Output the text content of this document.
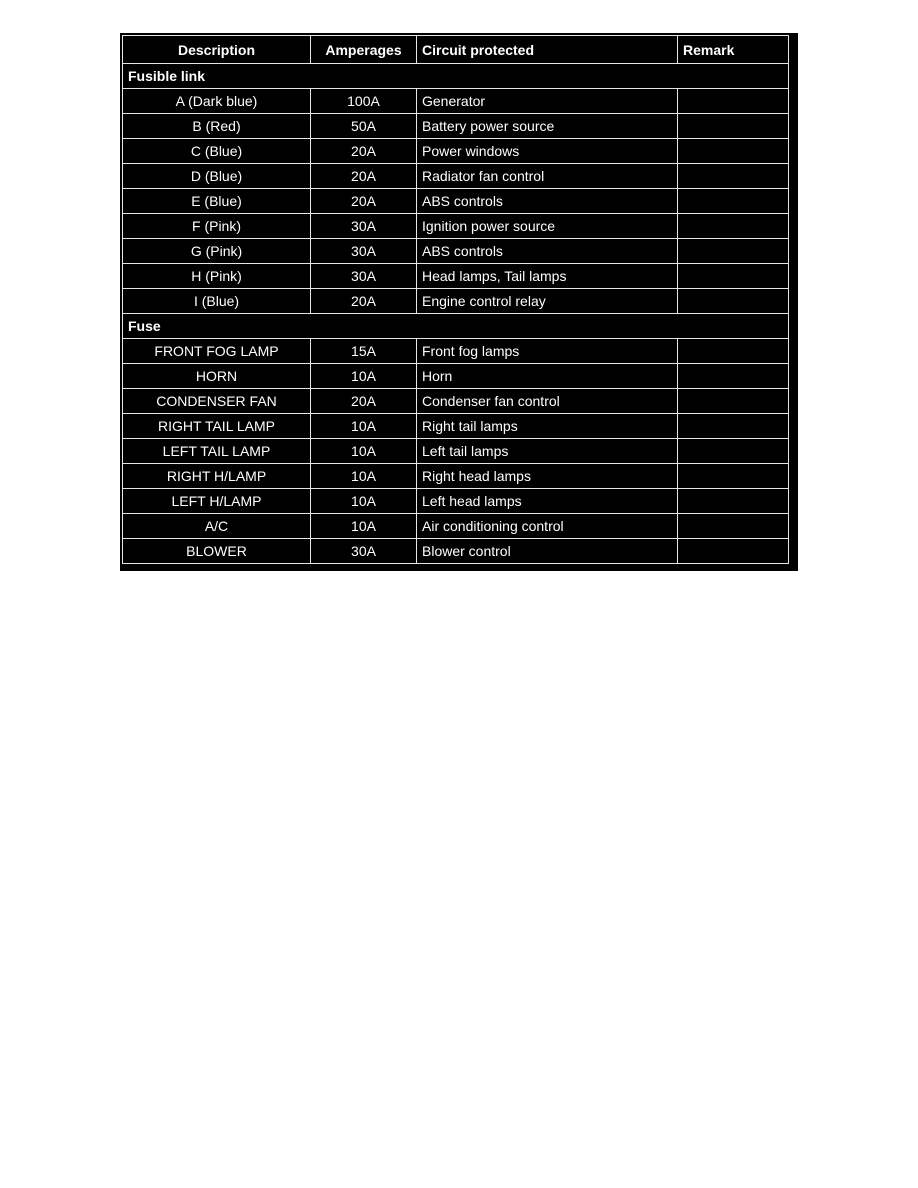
Description	Amperages	Circuit protected	Remark
Fusible link			
A (Dark blue)	100A	Generator	
B (Red)	50A	Battery power source	
C (Blue)	20A	Power windows	
D (Blue)	20A	Radiator fan control	
E (Blue)	20A	ABS controls	
F (Pink)	30A	Ignition power source	
G (Pink)	30A	ABS controls	
H (Pink)	30A	Head lamps, Tail lamps	
I (Blue)	20A	Engine control relay	
Fuse			
FRONT FOG LAMP	15A	Front fog lamps	
HORN	10A	Horn	
CONDENSER FAN	20A	Condenser fan control	
RIGHT TAIL LAMP	10A	Right tail lamps	
LEFT TAIL LAMP	10A	Left tail lamps	
RIGHT H/LAMP	10A	Right head lamps	
LEFT H/LAMP	10A	Left head lamps	
A/C	10A	Air conditioning control	
BLOWER	30A	Blower control	
